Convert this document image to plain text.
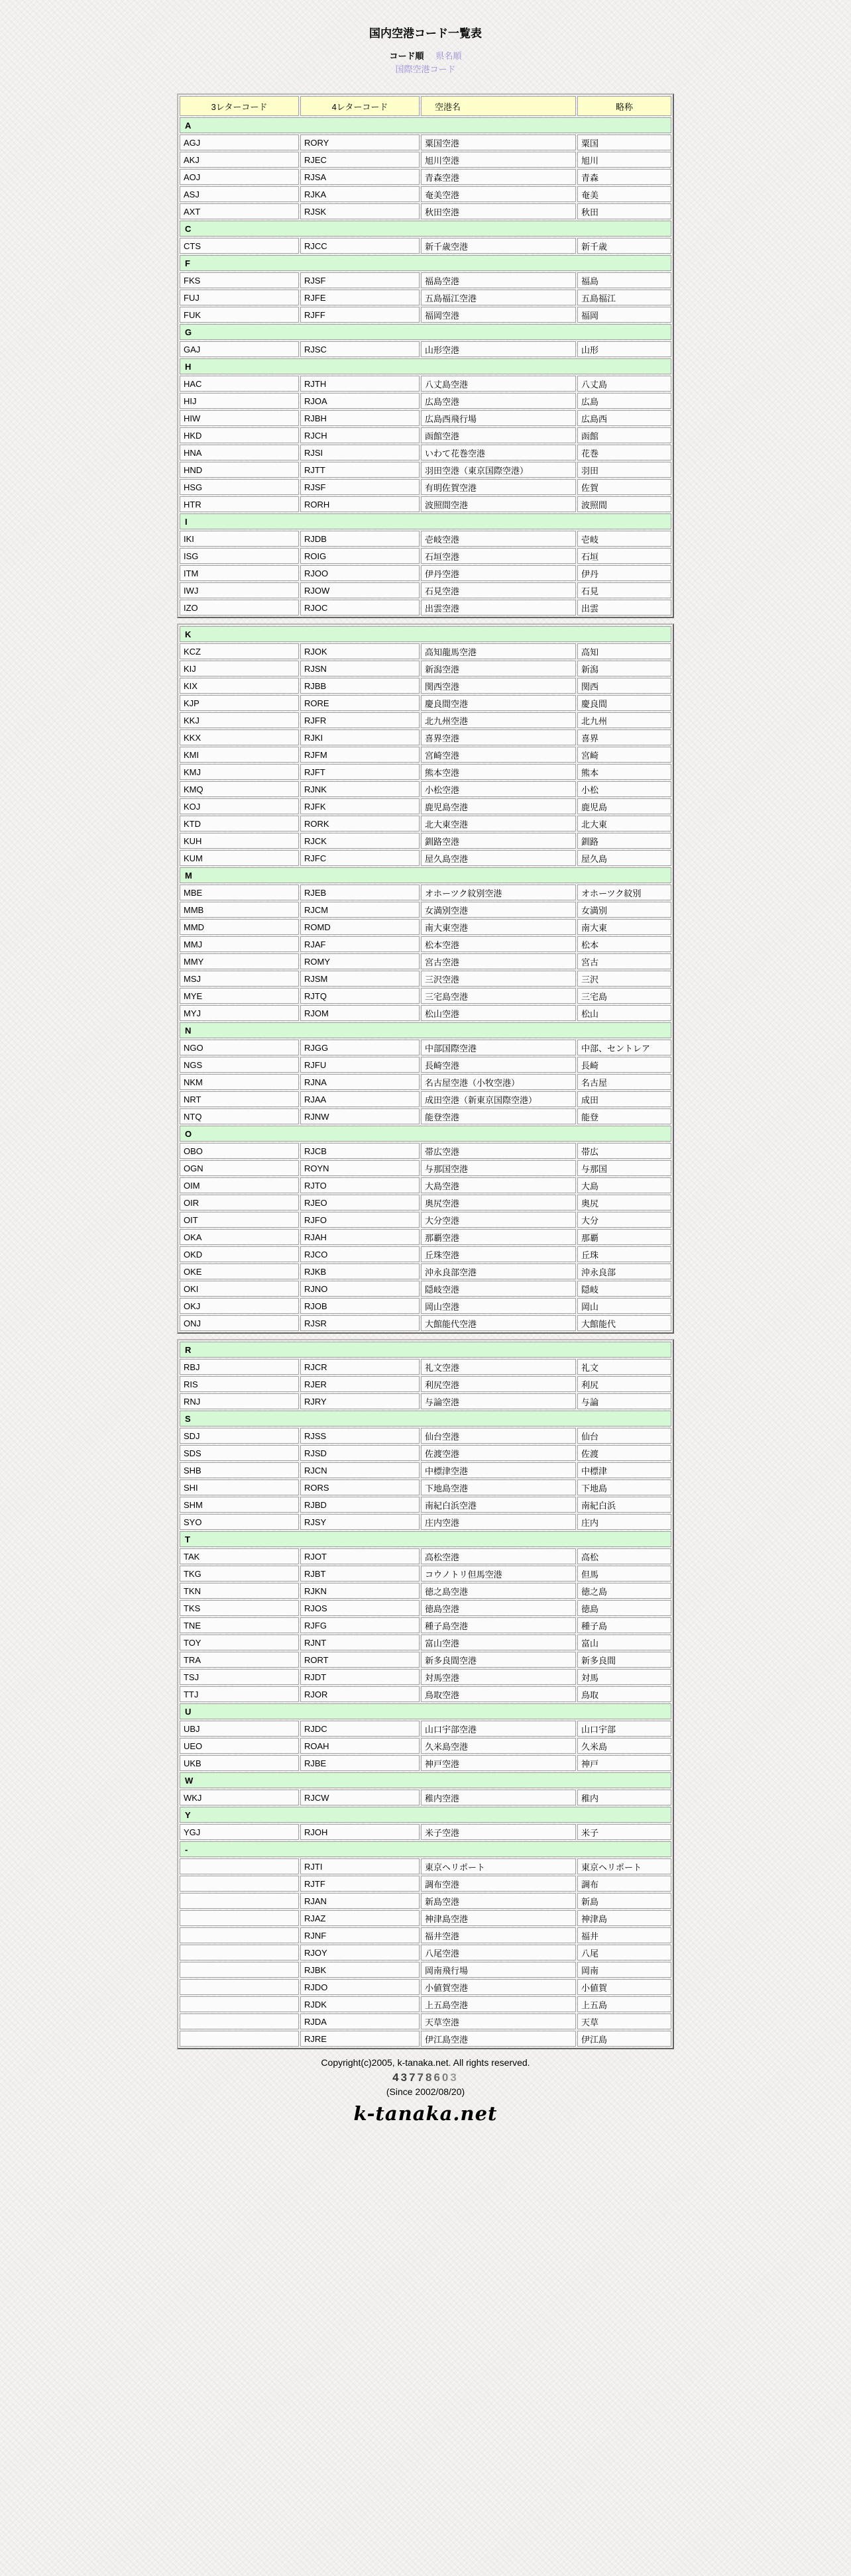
国内空港コード一覧表
コード順 県名順
国際空港コード
3レターコード	4レターコード	空港名	略称
A			
AGJ	RORY	粟国空港	粟国
AKJ	RJEC	旭川空港	旭川
AOJ	RJSA	青森空港	青森
ASJ	RJKA	奄美空港	奄美
AXT	RJSK	秋田空港	秋田
C			
CTS	RJCC	新千歳空港	新千歳
F			
FKS	RJSF	福島空港	福島
FUJ	RJFE	五島福江空港	五島福江
FUK	RJFF	福岡空港	福岡
G			
GAJ	RJSC	山形空港	山形
H			
HAC	RJTH	八丈島空港	八丈島
HIJ	RJOA	広島空港	広島
HIW	RJBH	広島西飛行場	広島西
HKD	RJCH	函館空港	函館
HNA	RJSI	いわて花巻空港	花巻
HND	RJTT	羽田空港（東京国際空港）	羽田
HSG	RJSF	有明佐賀空港	佐賀
HTR	RORH	波照間空港	波照間
I			
IKI	RJDB	壱岐空港	壱岐
ISG	ROIG	石垣空港	石垣
ITM	RJOO	伊丹空港	伊丹
IWJ	RJOW	石見空港	石見
IZO	RJOC	出雲空港	出雲
K			
KCZ	RJOK	高知龍馬空港	高知
KIJ	RJSN	新潟空港	新潟
KIX	RJBB	関西空港	関西
KJP	RORE	慶良間空港	慶良間
KKJ	RJFR	北九州空港	北九州
KKX	RJKI	喜界空港	喜界
KMI	RJFM	宮崎空港	宮崎
KMJ	RJFT	熊本空港	熊本
KMQ	RJNK	小松空港	小松
KOJ	RJFK	鹿児島空港	鹿児島
KTD	RORK	北大東空港	北大東
KUH	RJCK	釧路空港	釧路
KUM	RJFC	屋久島空港	屋久島
M			
MBE	RJEB	オホーツク紋別空港	オホーツク紋別
MMB	RJCM	女満別空港	女満別
MMD	ROMD	南大東空港	南大東
MMJ	RJAF	松本空港	松本
MMY	ROMY	宮古空港	宮古
MSJ	RJSM	三沢空港	三沢
MYE	RJTQ	三宅島空港	三宅島
MYJ	RJOM	松山空港	松山
N			
NGO	RJGG	中部国際空港	中部、セントレア
NGS	RJFU	長崎空港	長崎
NKM	RJNA	名古屋空港（小牧空港）	名古屋
NRT	RJAA	成田空港（新東京国際空港）	成田
NTQ	RJNW	能登空港	能登
O			
OBO	RJCB	帯広空港	帯広
OGN	ROYN	与那国空港	与那国
OIM	RJTO	大島空港	大島
OIR	RJEO	奥尻空港	奥尻
OIT	RJFO	大分空港	大分
OKA	RJAH	那覇空港	那覇
OKD	RJCO	丘珠空港	丘珠
OKE	RJKB	沖永良部空港	沖永良部
OKI	RJNO	隠岐空港	隠岐
OKJ	RJOB	岡山空港	岡山
ONJ	RJSR	大館能代空港	大館能代
R			
RBJ	RJCR	礼文空港	礼文
RIS	RJER	利尻空港	利尻
RNJ	RJRY	与論空港	与論
S			
SDJ	RJSS	仙台空港	仙台
SDS	RJSD	佐渡空港	佐渡
SHB	RJCN	中標津空港	中標津
SHI	RORS	下地島空港	下地島
SHM	RJBD	南紀白浜空港	南紀白浜
SYO	RJSY	庄内空港	庄内
T			
TAK	RJOT	高松空港	高松
TKG	RJBT	コウノトリ但馬空港	但馬
TKN	RJKN	徳之島空港	徳之島
TKS	RJOS	徳島空港	徳島
TNE	RJFG	種子島空港	種子島
TOY	RJNT	富山空港	富山
TRA	RORT	新多良間空港	新多良間
TSJ	RJDT	対馬空港	対馬
TTJ	RJOR	鳥取空港	鳥取
U			
UBJ	RJDC	山口宇部空港	山口宇部
UEO	ROAH	久米島空港	久米島
UKB	RJBE	神戸空港	神戸
W			
WKJ	RJCW	稚内空港	稚内
Y			
YGJ	RJOH	米子空港	米子
-			
	RJTI	東京ヘリポート	東京ヘリポート
	RJTF	調布空港	調布
	RJAN	新島空港	新島
	RJAZ	神津島空港	神津島
	RJNF	福井空港	福井
	RJOY	八尾空港	八尾
	RJBK	岡南飛行場	岡南
	RJDO	小値賀空港	小値賀
	RJDK	上五島空港	上五島
	RJDA	天草空港	天草
	RJRE	伊江島空港	伊江島
Copyright(c)2005, k-tanaka.net. All rights reserved.
43778603
(Since 2002/08/20)
k-tanaka.net
